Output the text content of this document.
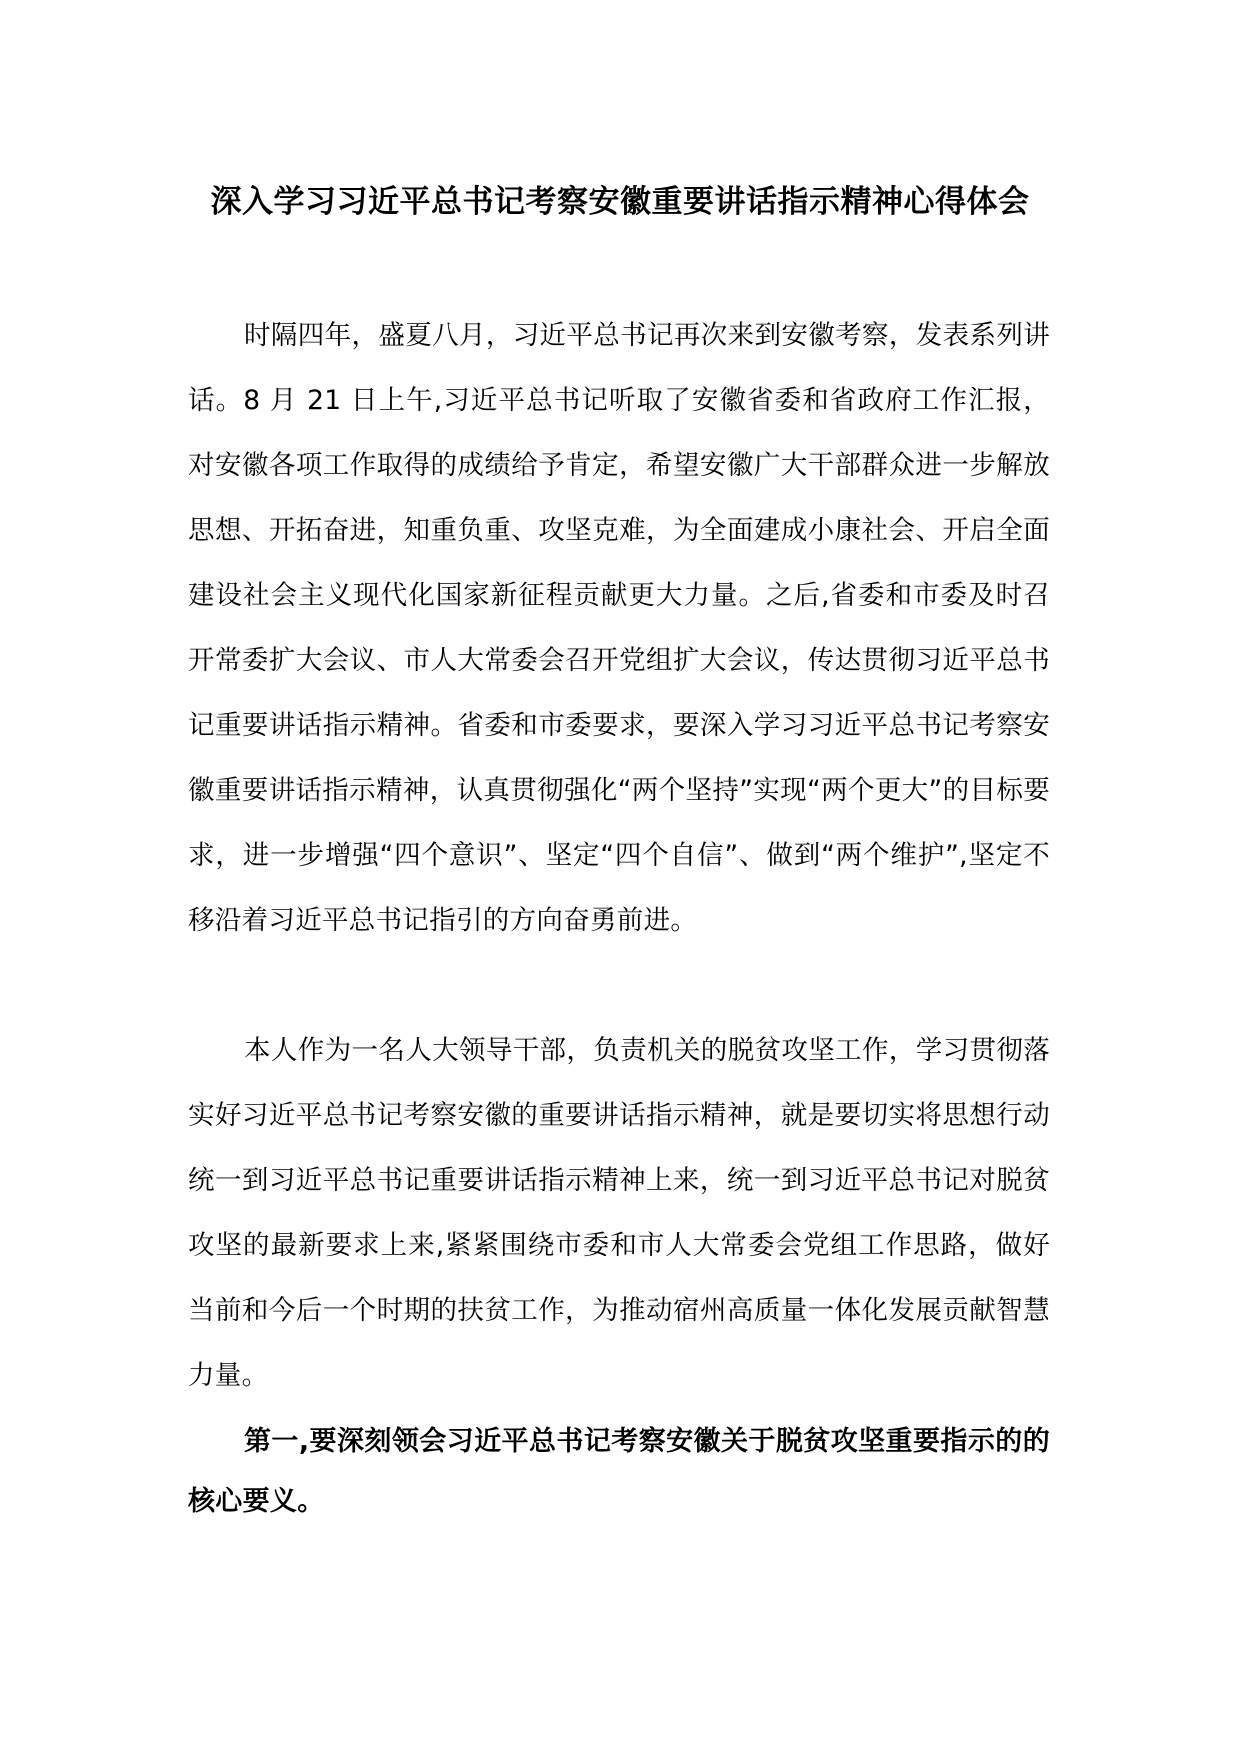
深入学习习近平总书记考察安徽重要讲话指示精神心得体会

时隔四年，盛夏八月，习近平总书记再次来到安徽考察，发表系列讲话。8 月 21 日上午,习近平总书记听取了安徽省委和省政府工作汇报，对安徽各项工作取得的成绩给予肯定，希望安徽广大干部群众进一步解放思想、开拓奋进，知重负重、攻坚克难，为全面建成小康社会、开启全面建设社会主义现代化国家新征程贡献更大力量。之后,省委和市委及时召开常委扩大会议、市人大常委会召开党组扩大会议，传达贯彻习近平总书记重要讲话指示精神。省委和市委要求，要深入学习习近平总书记考察安徽重要讲话指示精神，认真贯彻强化“两个坚持”实现“两个更大”的目标要求，进一步增强“四个意识”、坚定“四个自信”、做到“两个维护”,坚定不移沿着习近平总书记指引的方向奋勇前进。

本人作为一名人大领导干部，负责机关的脱贫攻坚工作，学习贯彻落实好习近平总书记考察安徽的重要讲话指示精神，就是要切实将思想行动统一到习近平总书记重要讲话指示精神上来，统一到习近平总书记对脱贫攻坚的最新要求上来,紧紧围绕市委和市人大常委会党组工作思路，做好当前和今后一个时期的扶贫工作，为推动宿州高质量一体化发展贡献智慧力量。

第一,要深刻领会习近平总书记考察安徽关于脱贫攻坚重要指示的的核心要义。
